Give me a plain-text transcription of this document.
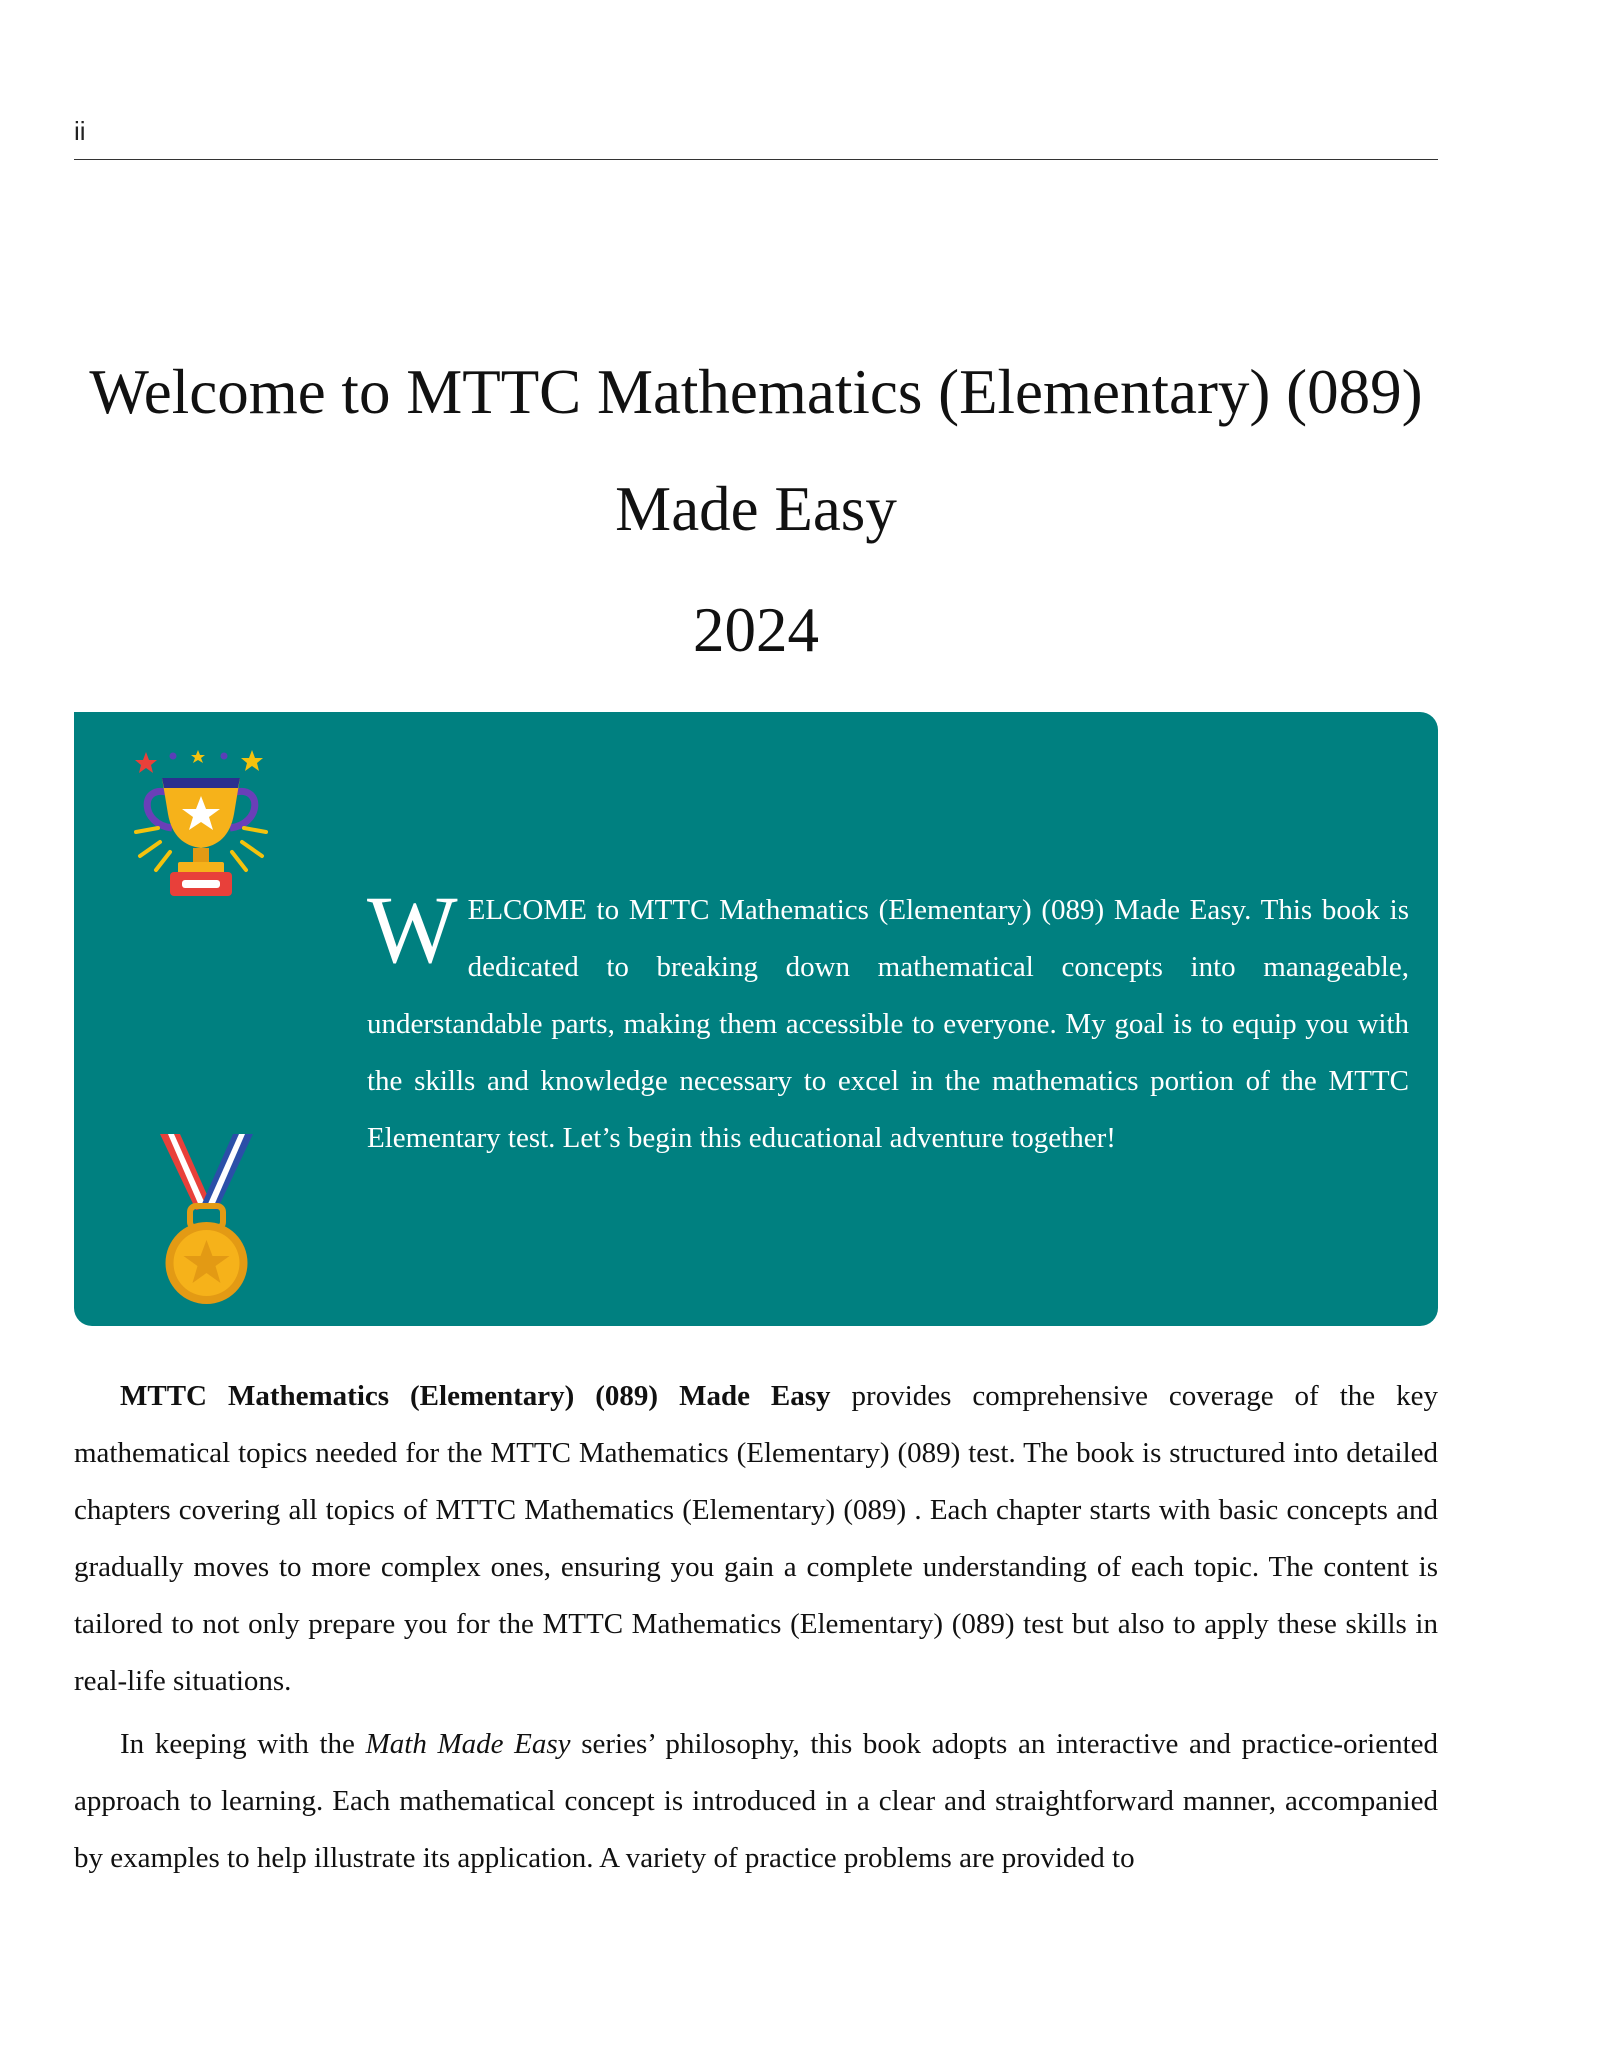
ii
Welcome to MTTC Mathematics (Elementary) (089)
Made Easy
2024
WELCOME to MTTC Mathematics (Elementary) (089) Made Easy. This book is dedicated to breaking down mathematical concepts into manageable, understandable parts, making them accessible to everyone. My goal is to equip you with the skills and knowledge necessary to excel in the mathematics portion of the MTTC Elementary test. Let’s begin this educational adventure together!

MTTC Mathematics (Elementary) (089) Made Easy provides comprehensive coverage of the key mathematical topics needed for the MTTC Mathematics (Elementary) (089) test. The book is structured into detailed chapters covering all topics of MTTC Mathematics (Elementary) (089) . Each chapter starts with basic concepts and gradually moves to more complex ones, ensuring you gain a complete understanding of each topic. The content is tailored to not only prepare you for the MTTC Mathematics (Elementary) (089) test but also to apply these skills in real-life situations.

In keeping with the Math Made Easy series’ philosophy, this book adopts an interactive and practice-oriented approach to learning. Each mathematical concept is introduced in a clear and straightforward manner, accompanied by examples to help illustrate its application. A variety of practice problems are provided to
